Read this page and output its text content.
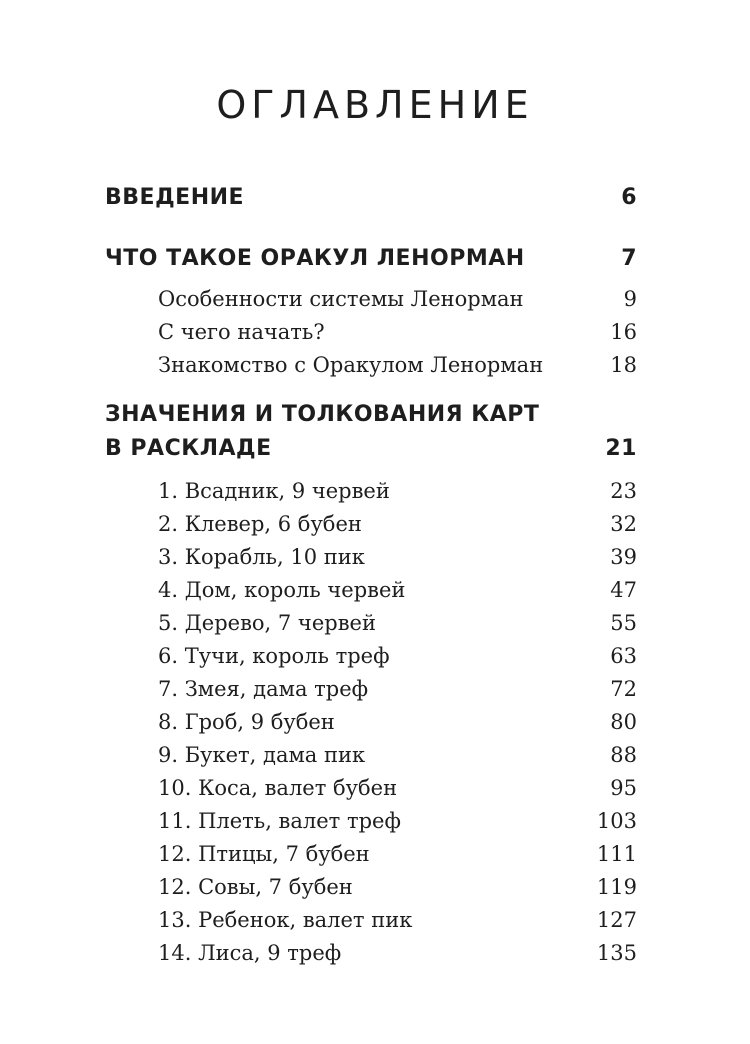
ОГЛАВЛЕНИЕ
ВВЕДЕНИЕ	6
ЧТО ТАКОЕ ОРАКУЛ ЛЕНОРМАН	7
Особенности системы Ленорман	9
С чего начать?	16
Знакомство с Оракулом Ленорман	18
ЗНАЧЕНИЯ И ТОЛКОВАНИЯ КАРТ
В РАСКЛАДЕ	21
1. Всадник, 9 червей	23
2. Клевер, 6 бубен	32
3. Корабль, 10 пик	39
4. Дом, король червей	47
5. Дерево, 7 червей	55
6. Тучи, король треф	63
7. Змея, дама треф	72
8. Гроб, 9 бубен	80
9. Букет, дама пик	88
10. Коса, валет бубен	95
11. Плеть, валет треф	103
12. Птицы, 7 бубен	111
12. Совы, 7 бубен	119
13. Ребенок, валет пик	127
14. Лиса, 9 треф	135
